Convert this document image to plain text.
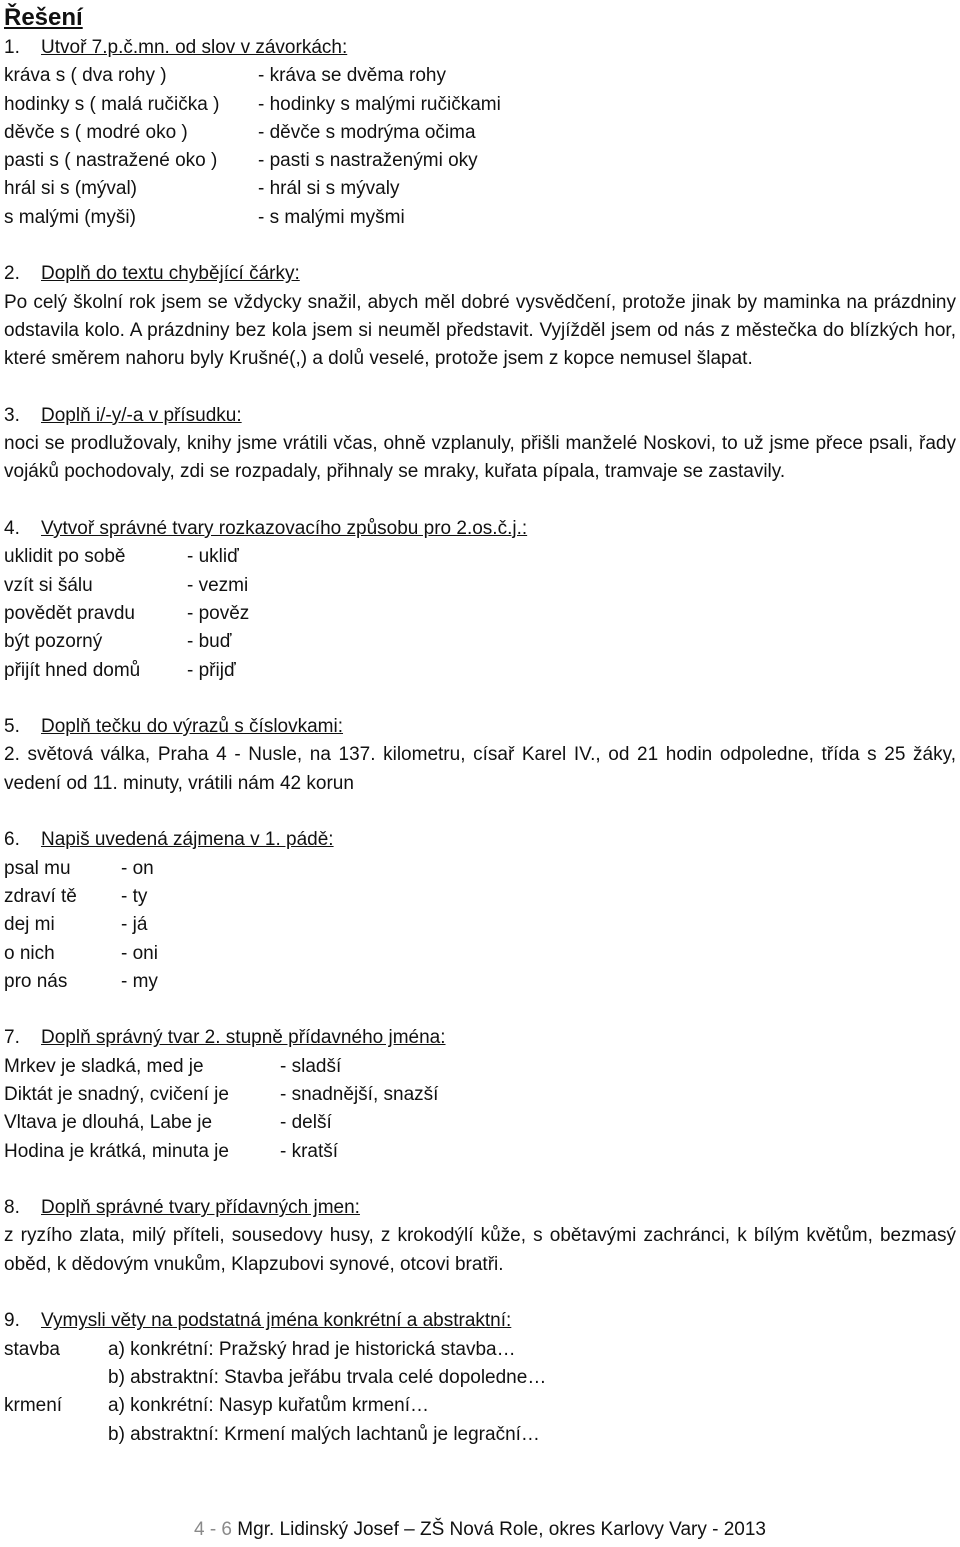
Řešení
1. Utvoř 7.p.č.mn. od slov v závorkách:
kráva s ( dva rohy )	- kráva se dvěma rohy
hodinky s ( malá ručička )	- hodinky s malými ručičkami
děvče s ( modré oko )	- děvče s modrýma očima
pasti s ( nastražené oko )	- pasti s nastraženými oky
hrál si s (mýval)	- hrál si s mývaly
s malými (myši)	- s malými myšmi
2. Doplň do textu chybějící čárky:
Po celý školní rok jsem se vždycky snažil, abych měl dobré vysvědčení, protože jinak by maminka na prázdniny odstavila kolo. A prázdniny bez kola jsem si neuměl představit. Vyjížděl jsem od nás z městečka do blízkých hor, které směrem nahoru byly Krušné(,) a dolů veselé, protože jsem z kopce nemusel šlapat.
3. Doplň i/-y/-a v přísudku:
noci se prodlužovaly, knihy jsme vrátili včas, ohně vzplanuly, přišli manželé Noskovi, to už jsme přece psali, řady vojáků pochodovaly, zdi se rozpadaly, přihnaly se mraky, kuřata pípala, tramvaje se zastavily.
4. Vytvoř správné tvary rozkazovacího způsobu pro 2.os.č.j.:
uklidit po sobě	- ukliď
vzít si šálu	- vezmi
povědět pravdu	- pověz
být pozorný	- buď
přijít hned domů	- přijď
5. Doplň tečku do výrazů s číslovkami:
2. světová válka, Praha 4 - Nusle, na 137. kilometru, císař Karel IV., od 21 hodin odpoledne, třída s 25 žáky, vedení od 11. minuty, vrátili nám 42 korun
6. Napiš uvedená zájmena v 1. pádě:
psal mu	- on
zdraví tě	- ty
dej mi	- já
o nich	- oni
pro nás	- my
7. Doplň správný tvar 2. stupně přídavného jména:
Mrkev je sladká, med je	- sladší
Diktát je snadný, cvičení je	- snadnější, snazší
Vltava je dlouhá, Labe je	- delší
Hodina je krátká, minuta je	- kratší
8. Doplň správné tvary přídavných jmen:
z ryzího zlata, milý příteli, sousedovy husy, z krokodýlí kůže, s obětavými zachránci, k bílým květům, bezmasý oběd, k dědovým vnukům, Klapzubovi synové, otcovi bratři.
9. Vymysli věty na podstatná jména konkrétní a abstraktní:
stavba	a) konkrétní: Pražský hrad je historická stavba…
b) abstraktní: Stavba jeřábu trvala celé dopoledne…
krmení	a) konkrétní: Nasyp kuřatům krmení…
b) abstraktní: Krmení malých lachtanů je legrační…
4 - 6 Mgr. Lidinský Josef – ZŠ Nová Role, okres Karlovy Vary - 2013
